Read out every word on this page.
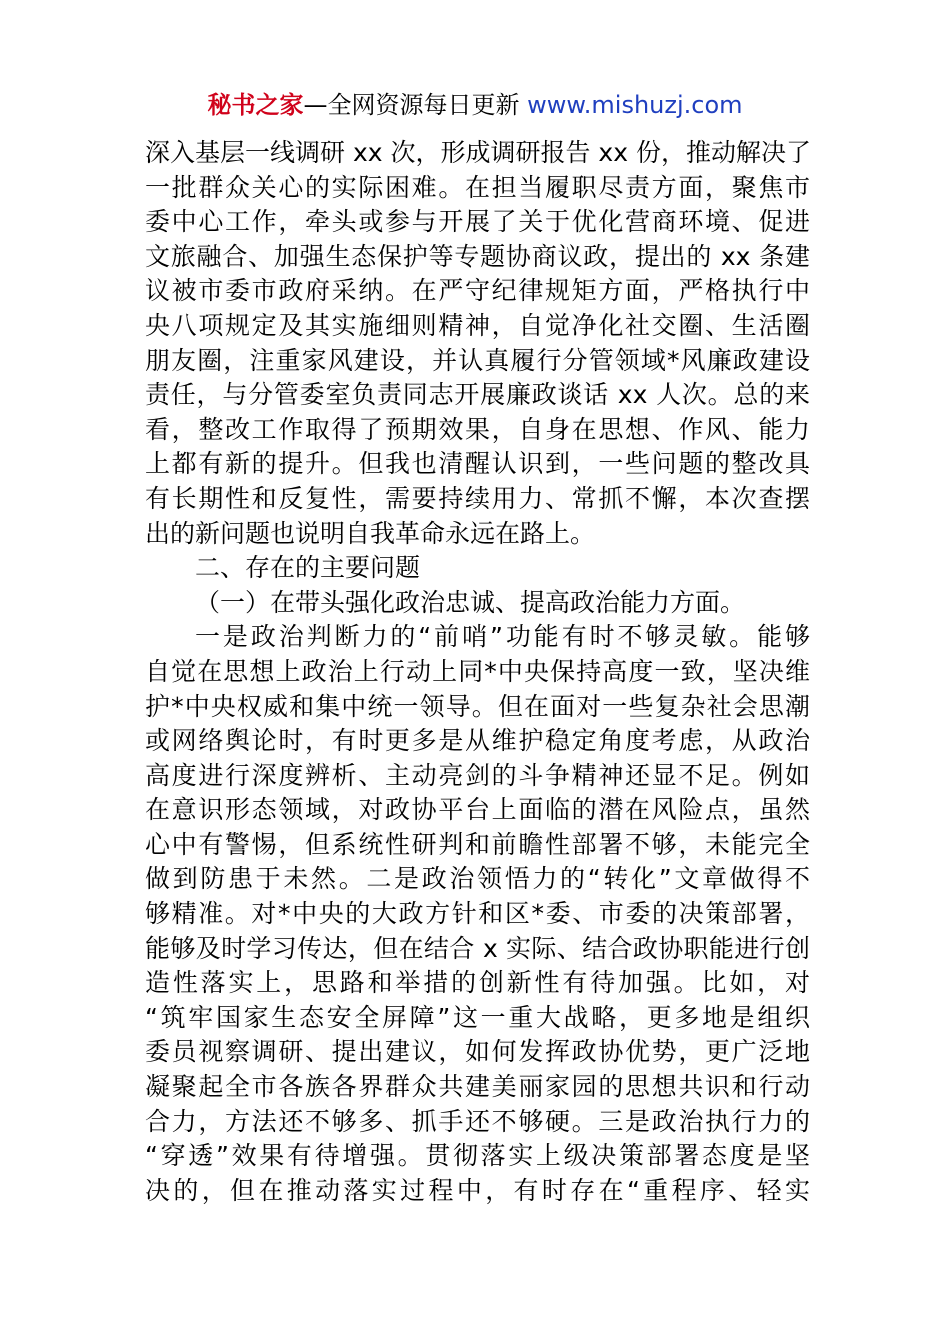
秘书之家—全网资源每日更新 www.mishuzj.com
深入基层一线调研 xx 次，形成调研报告 xx 份，推动解决了
一批群众关心的实际困难。在担当履职尽责方面，聚焦市
委中心工作，牵头或参与开展了关于优化营商环境、促进
文旅融合、加强生态保护等专题协商议政，提出的 xx 条建
议被市委市政府采纳。在严守纪律规矩方面，严格执行中
央八项规定及其实施细则精神，自觉净化社交圈、生活圈
朋友圈，注重家风建设，并认真履行分管领域*风廉政建设
责任，与分管委室负责同志开展廉政谈话 xx 人次。总的来
看，整改工作取得了预期效果，自身在思想、作风、能力
上都有新的提升。但我也清醒认识到，一些问题的整改具
有长期性和反复性，需要持续用力、常抓不懈，本次查摆
出的新问题也说明自我革命永远在路上。
二、存在的主要问题
（一）在带头强化政治忠诚、提高政治能力方面。
一是政治判断力的“前哨”功能有时不够灵敏。能够
自觉在思想上政治上行动上同*中央保持高度一致，坚决维
护*中央权威和集中统一领导。但在面对一些复杂社会思潮
或网络舆论时，有时更多是从维护稳定角度考虑，从政治
高度进行深度辨析、主动亮剑的斗争精神还显不足。例如
在意识形态领域，对政协平台上面临的潜在风险点，虽然
心中有警惕，但系统性研判和前瞻性部署不够，未能完全
做到防患于未然。二是政治领悟力的“转化”文章做得不
够精准。对*中央的大政方针和区*委、市委的决策部署，
能够及时学习传达，但在结合 x 实际、结合政协职能进行创
造性落实上，思路和举措的创新性有待加强。比如，对
“筑牢国家生态安全屏障”这一重大战略，更多地是组织
委员视察调研、提出建议，如何发挥政协优势，更广泛地
凝聚起全市各族各界群众共建美丽家园的思想共识和行动
合力，方法还不够多、抓手还不够硬。三是政治执行力的
“穿透”效果有待增强。贯彻落实上级决策部署态度是坚
决的，但在推动落实过程中，有时存在“重程序、轻实
